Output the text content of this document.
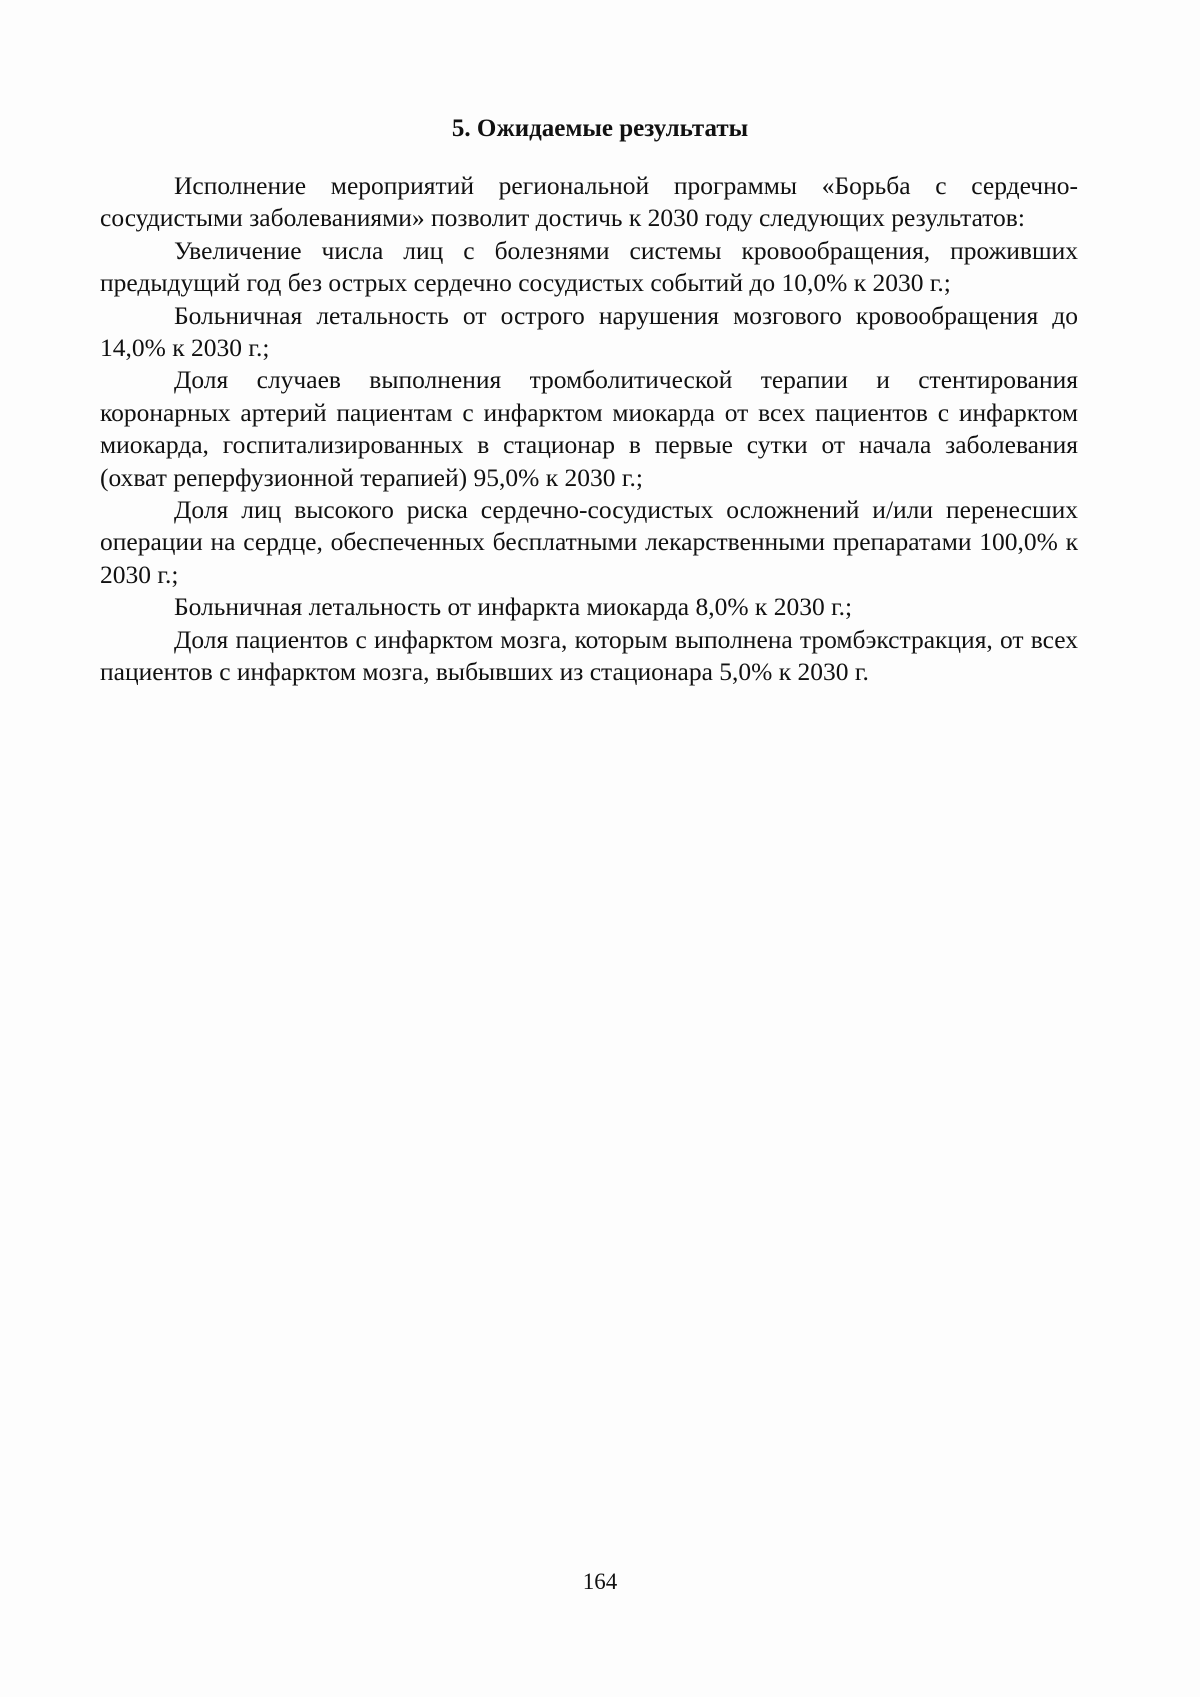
5. Ожидаемые результаты

Исполнение мероприятий региональной программы «Борьба с сердечно-сосудистыми заболеваниями» позволит достичь к 2030 году следующих результатов:

Увеличение числа лиц с болезнями системы кровообращения, проживших предыдущий год без острых сердечно сосудистых событий до 10,0% к 2030 г.;

Больничная летальность от острого нарушения мозгового кровообращения до 14,0% к 2030 г.;

Доля случаев выполнения тромболитической терапии и стентирования коронарных артерий пациентам с инфарктом миокарда от всех пациентов с инфарктом миокарда, госпитализированных в стационар в первые сутки от начала заболевания (охват реперфузионной терапией) 95,0% к 2030 г.;

Доля лиц высокого риска сердечно-сосудистых осложнений и/или перенесших операции на сердце, обеспеченных бесплатными лекарственными препаратами 100,0% к 2030 г.;

Больничная летальность от инфаркта миокарда 8,0% к 2030 г.;

Доля пациентов с инфарктом мозга, которым выполнена тромбэкстракция, от всех пациентов с инфарктом мозга, выбывших из стационара 5,0% к 2030 г.

164
